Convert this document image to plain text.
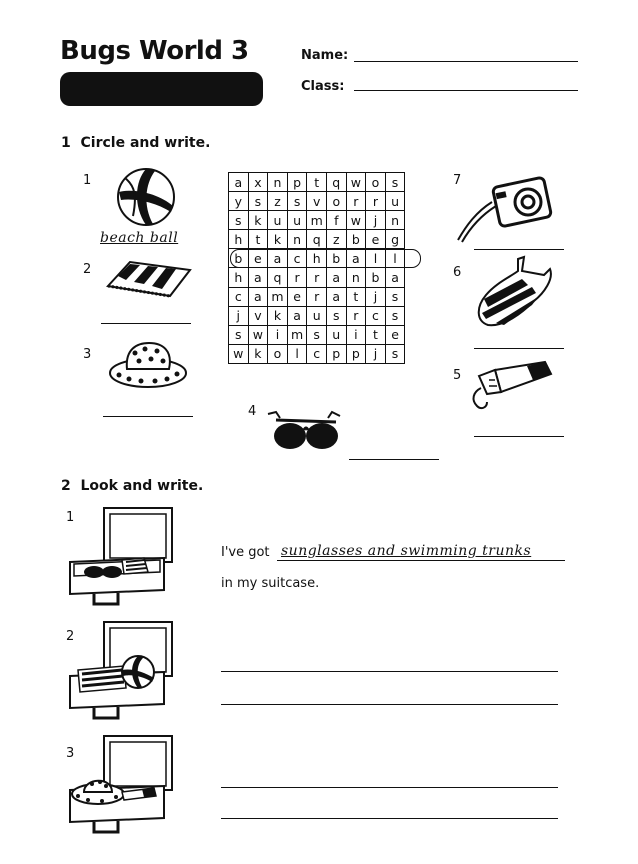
Bugs World 3	Name:
Class:
1 Circle and write.
1
2
3
4
5
6
7
beach ball
a	x	n	p	t	q	w	o	s
y	s	z	s	v	o	r	r	u
s	k	u	u	m	f	w	j	n
h	t	k	n	q	z	b	e	g
b	e	a	c	h	b	a	l	l
h	a	q	r	r	a	n	b	a
c	a	m	e	r	a	t	j	s
j	v	k	a	u	s	r	c	s
s	w	i	m	s	u	i	t	e
w	k	o	l	c	p	p	j	s
2 Look and write.
1
2
3
I've got sunglasses and swimming trunks
in my suitcase.
